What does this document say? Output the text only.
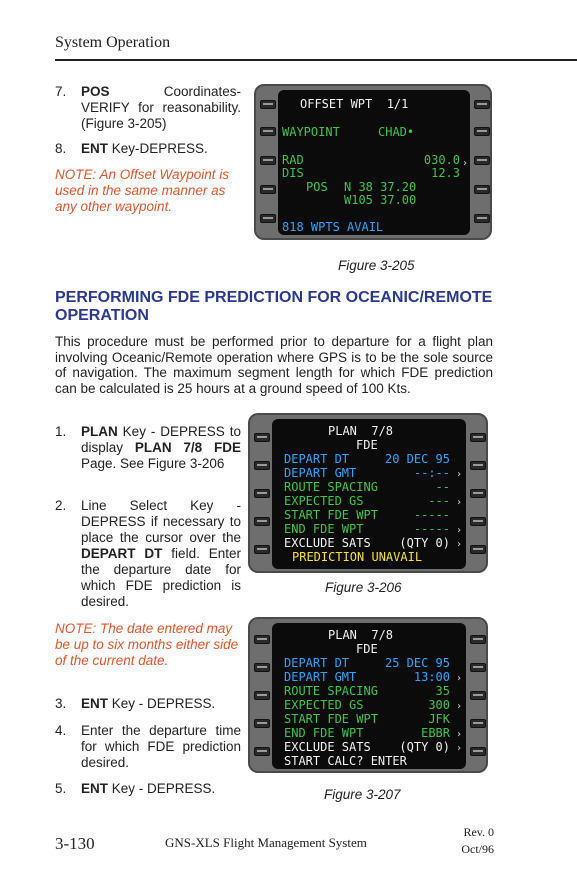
System Operation
7. POS Coordinates- VERIFY for reasonability. (Figure 3-205)
8. ENT Key-DEPRESS.
NOTE: An Offset Waypoint is used in the same manner as any other waypoint.
OFFSET WPT  1/1
WAYPOINT	CHAD•
RAD	030.0 ›
DIS	12.3
POS N 38 37.20
W105 37.00
818 WPTS AVAIL
Figure 3-205
PERFORMING FDE PREDICTION FOR OCEANIC/REMOTE OPERATION
This procedure must be performed prior to departure for a flight plan involving Oceanic/Remote operation where GPS is to be the sole source of navigation. The maximum segment length for which FDE prediction can be calculated is 25 hours at a ground speed of 100 Kts.
1. PLAN Key - DEPRESS to display PLAN 7/8 FDE Page. See Figure 3-206
2. Line Select Key - DEPRESS if necessary to place the cursor over the DEPART DT field. Enter the departure date for which FDE prediction is desired.
NOTE: The date entered may be up to six months either side of the current date.
3. ENT Key - DEPRESS.
4. Enter the departure time for which FDE prediction desired.
5. ENT Key - DEPRESS.
PLAN  7/8
FDE
DEPART DT	20 DEC 95
DEPART GMT	--:-- ›
ROUTE SPACING	--
EXPECTED GS	--- ›
START FDE WPT	-----
END FDE WPT	----- ›
EXCLUDE SATS (QTY 0) ›
PREDICTION UNAVAIL
Figure 3-206
PLAN  7/8
FDE
DEPART DT	25 DEC 95
DEPART GMT	13:00 ›
ROUTE SPACING	35
EXPECTED GS	300 ›
START FDE WPT	JFK
END FDE WPT	EBBR ›
EXCLUDE SATS (QTY 0) ›
START CALC? ENTER
Figure 3-207
3-130	GNS-XLS Flight Management System
Rev. 0
Oct/96
